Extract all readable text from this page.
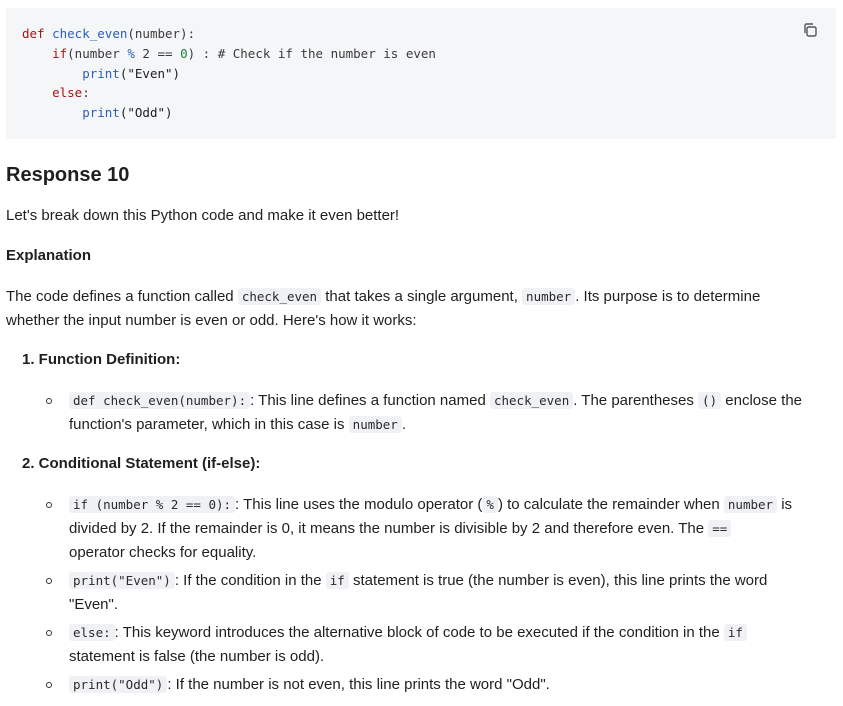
def check_even(number):
if(number % 2 == 0) : # Check if the number is even
print("Even")
else:
print("Odd")
Response 10
Let's break down this Python code and make it even better!
Explanation
The code defines a function called check_even that takes a single argument, number . Its purpose is to determine
whether the input number is even or odd. Here's how it works:
1. Function Definition:
def check_even(number): : This line defines a function named check_even . The parentheses () enclose the
function's parameter, which in this case is number .
2. Conditional Statement (if-else):
if (number % 2 == 0): : This line uses the modulo operator ( % ) to calculate the remainder when number is
divided by 2. If the remainder is 0, it means the number is divisible by 2 and therefore even. The ==
operator checks for equality.
print("Even") : If the condition in the if statement is true (the number is even), this line prints the word
"Even".
else: : This keyword introduces the alternative block of code to be executed if the condition in the if
statement is false (the number is odd).
print("Odd") : If the number is not even, this line prints the word "Odd".
